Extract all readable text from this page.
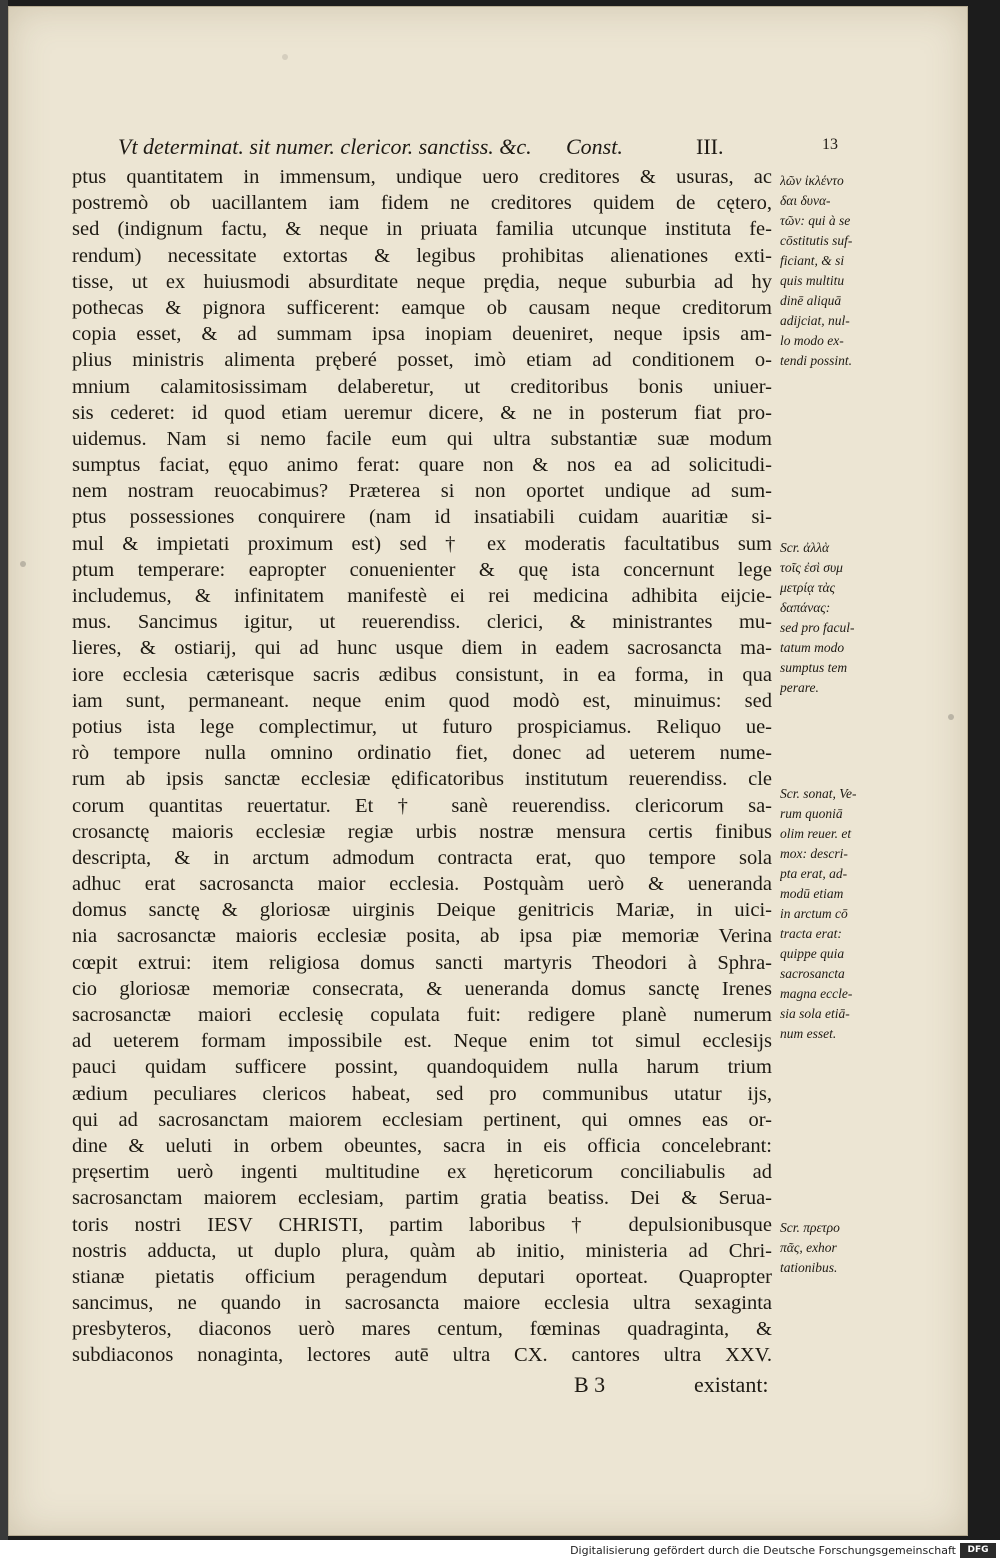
Vt determinat. sit numer. clericor. sanctiss. &c. Const.	III.	13
ptus quantitatem in immensum, undique uero creditores & usuras, ac
postremò ob uacillantem iam fidem ne creditores quidem de cętero,
sed (indignum factu, & neque in priuata familia utcunque instituta fe-
rendum) necessitate extortas & legibus prohibitas alienationes exti-
tisse, ut ex huiusmodi absurditate neque prędia, neque suburbia ad hy
pothecas & pignora sufficerent: eamque ob causam neque creditorum
copia esset, & ad summam ipsa inopiam deueniret, neque ipsis am-
plius ministris alimenta pręberé posset, imò etiam ad conditionem o-
mnium calamitosissimam delaberetur, ut creditoribus bonis uniuer-
sis cederet: id quod etiam ueremur dicere, & ne in posterum fiat pro-
uidemus. Nam si nemo facile eum qui ultra substantiæ suæ modum
sumptus faciat, ęquo animo ferat: quare non & nos ea ad solicitudi-
nem nostram reuocabimus? Præterea si non oportet undique ad sum-
ptus possessiones conquirere (nam id insatiabili cuidam auaritiæ si-
mul & impietati proximum est) sed † ex moderatis facultatibus sum
ptum temperare: eapropter conuenienter & quę ista concernunt lege
includemus, & infinitatem manifestè ei rei medicina adhibita eijcie-
mus. Sancimus igitur, ut reuerendiss. clerici, & ministrantes mu-
lieres, & ostiarij, qui ad hunc usque diem in eadem sacrosancta ma-
iore ecclesia cæterisque sacris ædibus consistunt, in ea forma, in qua
iam sunt, permaneant. neque enim quod modò est, minuimus: sed
potius ista lege complectimur, ut futuro prospiciamus. Reliquo ue-
rò tempore nulla omnino ordinatio fiet, donec ad ueterem nume-
rum ab ipsis sanctæ ecclesiæ ędificatoribus institutum reuerendiss. cle
corum quantitas reuertatur. Et † sanè reuerendiss. clericorum sa-
crosanctę maioris ecclesiæ regiæ urbis nostræ mensura certis finibus
descripta, & in arctum admodum contracta erat, quo tempore sola
adhuc erat sacrosancta maior ecclesia. Postquàm uerò & ueneranda
domus sanctę & gloriosæ uirginis Deique genitricis Mariæ, in uici-
nia sacrosanctæ maioris ecclesiæ posita, ab ipsa piæ memoriæ Verina
cœpit extrui: item religiosa domus sancti martyris Theodori à Sphra-
cio gloriosæ memoriæ consecrata, & ueneranda domus sanctę Irenes
sacrosanctæ maiori ecclesię copulata fuit: redigere planè numerum
ad ueterem formam impossibile est. Neque enim tot simul ecclesijs
pauci quidam sufficere possint, quandoquidem nulla harum trium
ædium peculiares clericos habeat, sed pro communibus utatur ijs,
qui ad sacrosanctam maiorem ecclesiam pertinent, qui omnes eas or-
dine & ueluti in orbem obeuntes, sacra in eis officia concelebrant:
pręsertim uerò ingenti multitudine ex hęreticorum conciliabulis ad
sacrosanctam maiorem ecclesiam, partim gratia beatiss. Dei & Serua-
toris nostri IESV CHRISTI, partim laboribus † depulsionibusque
nostris adducta, ut duplo plura, quàm ab initio, ministeria ad Chri-
stianæ pietatis officium peragendum deputari oporteat. Quapropter
sancimus, ne quando in sacrosancta maiore ecclesia ultra sexaginta
presbyteros, diaconos uerò mares centum, fœminas quadraginta, &
subdiaconos nonaginta, lectores autē ultra CX. cantores ultra XXV.
λῶν ἰκλέντο
δαι δυνα-
τῶν: qui à se
cōstitutis suf-
ficiant, & si
quis multitu
dinē aliquā
adijciat, nul-
lo modo ex-
tendi possint.
Scr. ἀλλὰ
τοῖς ἐσὶ συμ
μετρίᾳ τὰς
δαπάνας:
sed pro facul-
tatum modo
sumptus tem
perare.
Scr. sonat, Ve-
rum quoniā
olim reuer. et
mox: descri-
pta erat, ad-
modū etiam
in arctum cō
tracta erat:
quippe quia
sacrosancta
magna eccle-
sia sola etiā-
num esset.
Scr. πρετρο
πᾶς, exhor
tationibus.
B 3	existant:
Digitalisierung gefördert durch die Deutsche Forschungsgemeinschaft	DFG
